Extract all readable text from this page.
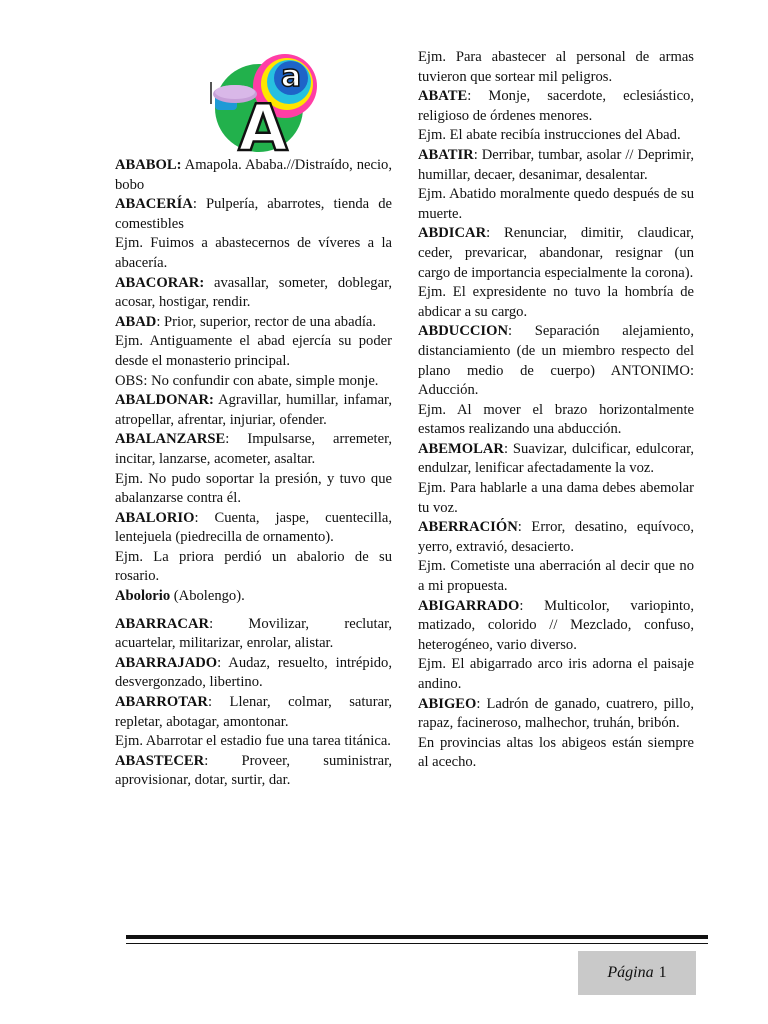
A
a

ABABOL: Amapola. Ababa.//Distraído, necio, bobo

ABACERÍA: Pulpería, abarrotes, tienda de comestibles

Ejm. Fuimos a abastecernos de víveres a la abacería.

ABACORAR: avasallar, someter, doblegar, acosar, hostigar, rendir.

ABAD: Prior, superior, rector de una abadía.

Ejm. Antiguamente el abad ejercía su poder desde el monasterio principal.

OBS: No confundir con abate, simple monje.

ABALDONAR: Agravillar, humillar, infamar, atropellar, afrentar, injuriar, ofender.

ABALANZARSE: Impulsarse, arremeter, incitar, lanzarse, acometer, asaltar.

Ejm. No pudo soportar la presión, y tuvo que abalanzarse contra él.

ABALORIO: Cuenta, jaspe, cuentecilla, lentejuela (piedrecilla de ornamento).

Ejm. La priora perdió un abalorio de su rosario.

Abolorio (Abolengo).

ABARRACAR: Movilizar, reclutar, acuartelar, militarizar, enrolar, alistar.

ABARRAJADO: Audaz, resuelto, intrépido, desvergonzado, libertino.

ABARROTAR: Llenar, colmar, saturar, repletar, abotagar, amontonar.

Ejm. Abarrotar el estadio fue una tarea titánica.

ABASTECER: Proveer, suministrar, aprovisionar, dotar, surtir, dar.

Ejm. Para abastecer al personal de armas tuvieron que sortear mil peligros.

ABATE: Monje, sacerdote, eclesiástico, religioso de órdenes menores.

Ejm. El abate recibía instrucciones del Abad.

ABATIR: Derribar, tumbar, asolar // Deprimir, humillar, decaer, desanimar, desalentar.

Ejm. Abatido moralmente quedo después de su muerte.

ABDICAR: Renunciar, dimitir, claudicar, ceder, prevaricar, abandonar, resignar (un cargo de importancia especialmente la corona).

Ejm. El expresidente no tuvo la hombría de abdicar a su cargo.

ABDUCCION: Separación alejamiento, distanciamiento (de un miembro respecto del plano medio de cuerpo) ANTONIMO: Aducción.

Ejm. Al mover el brazo horizontalmente estamos realizando una abducción.

ABEMOLAR: Suavizar, dulcificar, edulcorar, endulzar, lenificar afectadamente la voz.

Ejm. Para hablarle a una dama debes abemolar tu voz.

ABERRACIÓN: Error, desatino, equívoco, yerro, extravió, desacierto.

Ejm. Cometiste una aberración al decir que no a mi propuesta.

ABIGARRADO: Multicolor, variopinto, matizado, colorido // Mezclado, confuso, heterogéneo, vario diverso.

Ejm. El abigarrado arco iris adorna el paisaje andino.

ABIGEO: Ladrón de ganado, cuatrero, pillo, rapaz, facineroso, malhechor, truhán, bribón.

En provincias altas los abigeos están siempre al acecho.

Página 1
